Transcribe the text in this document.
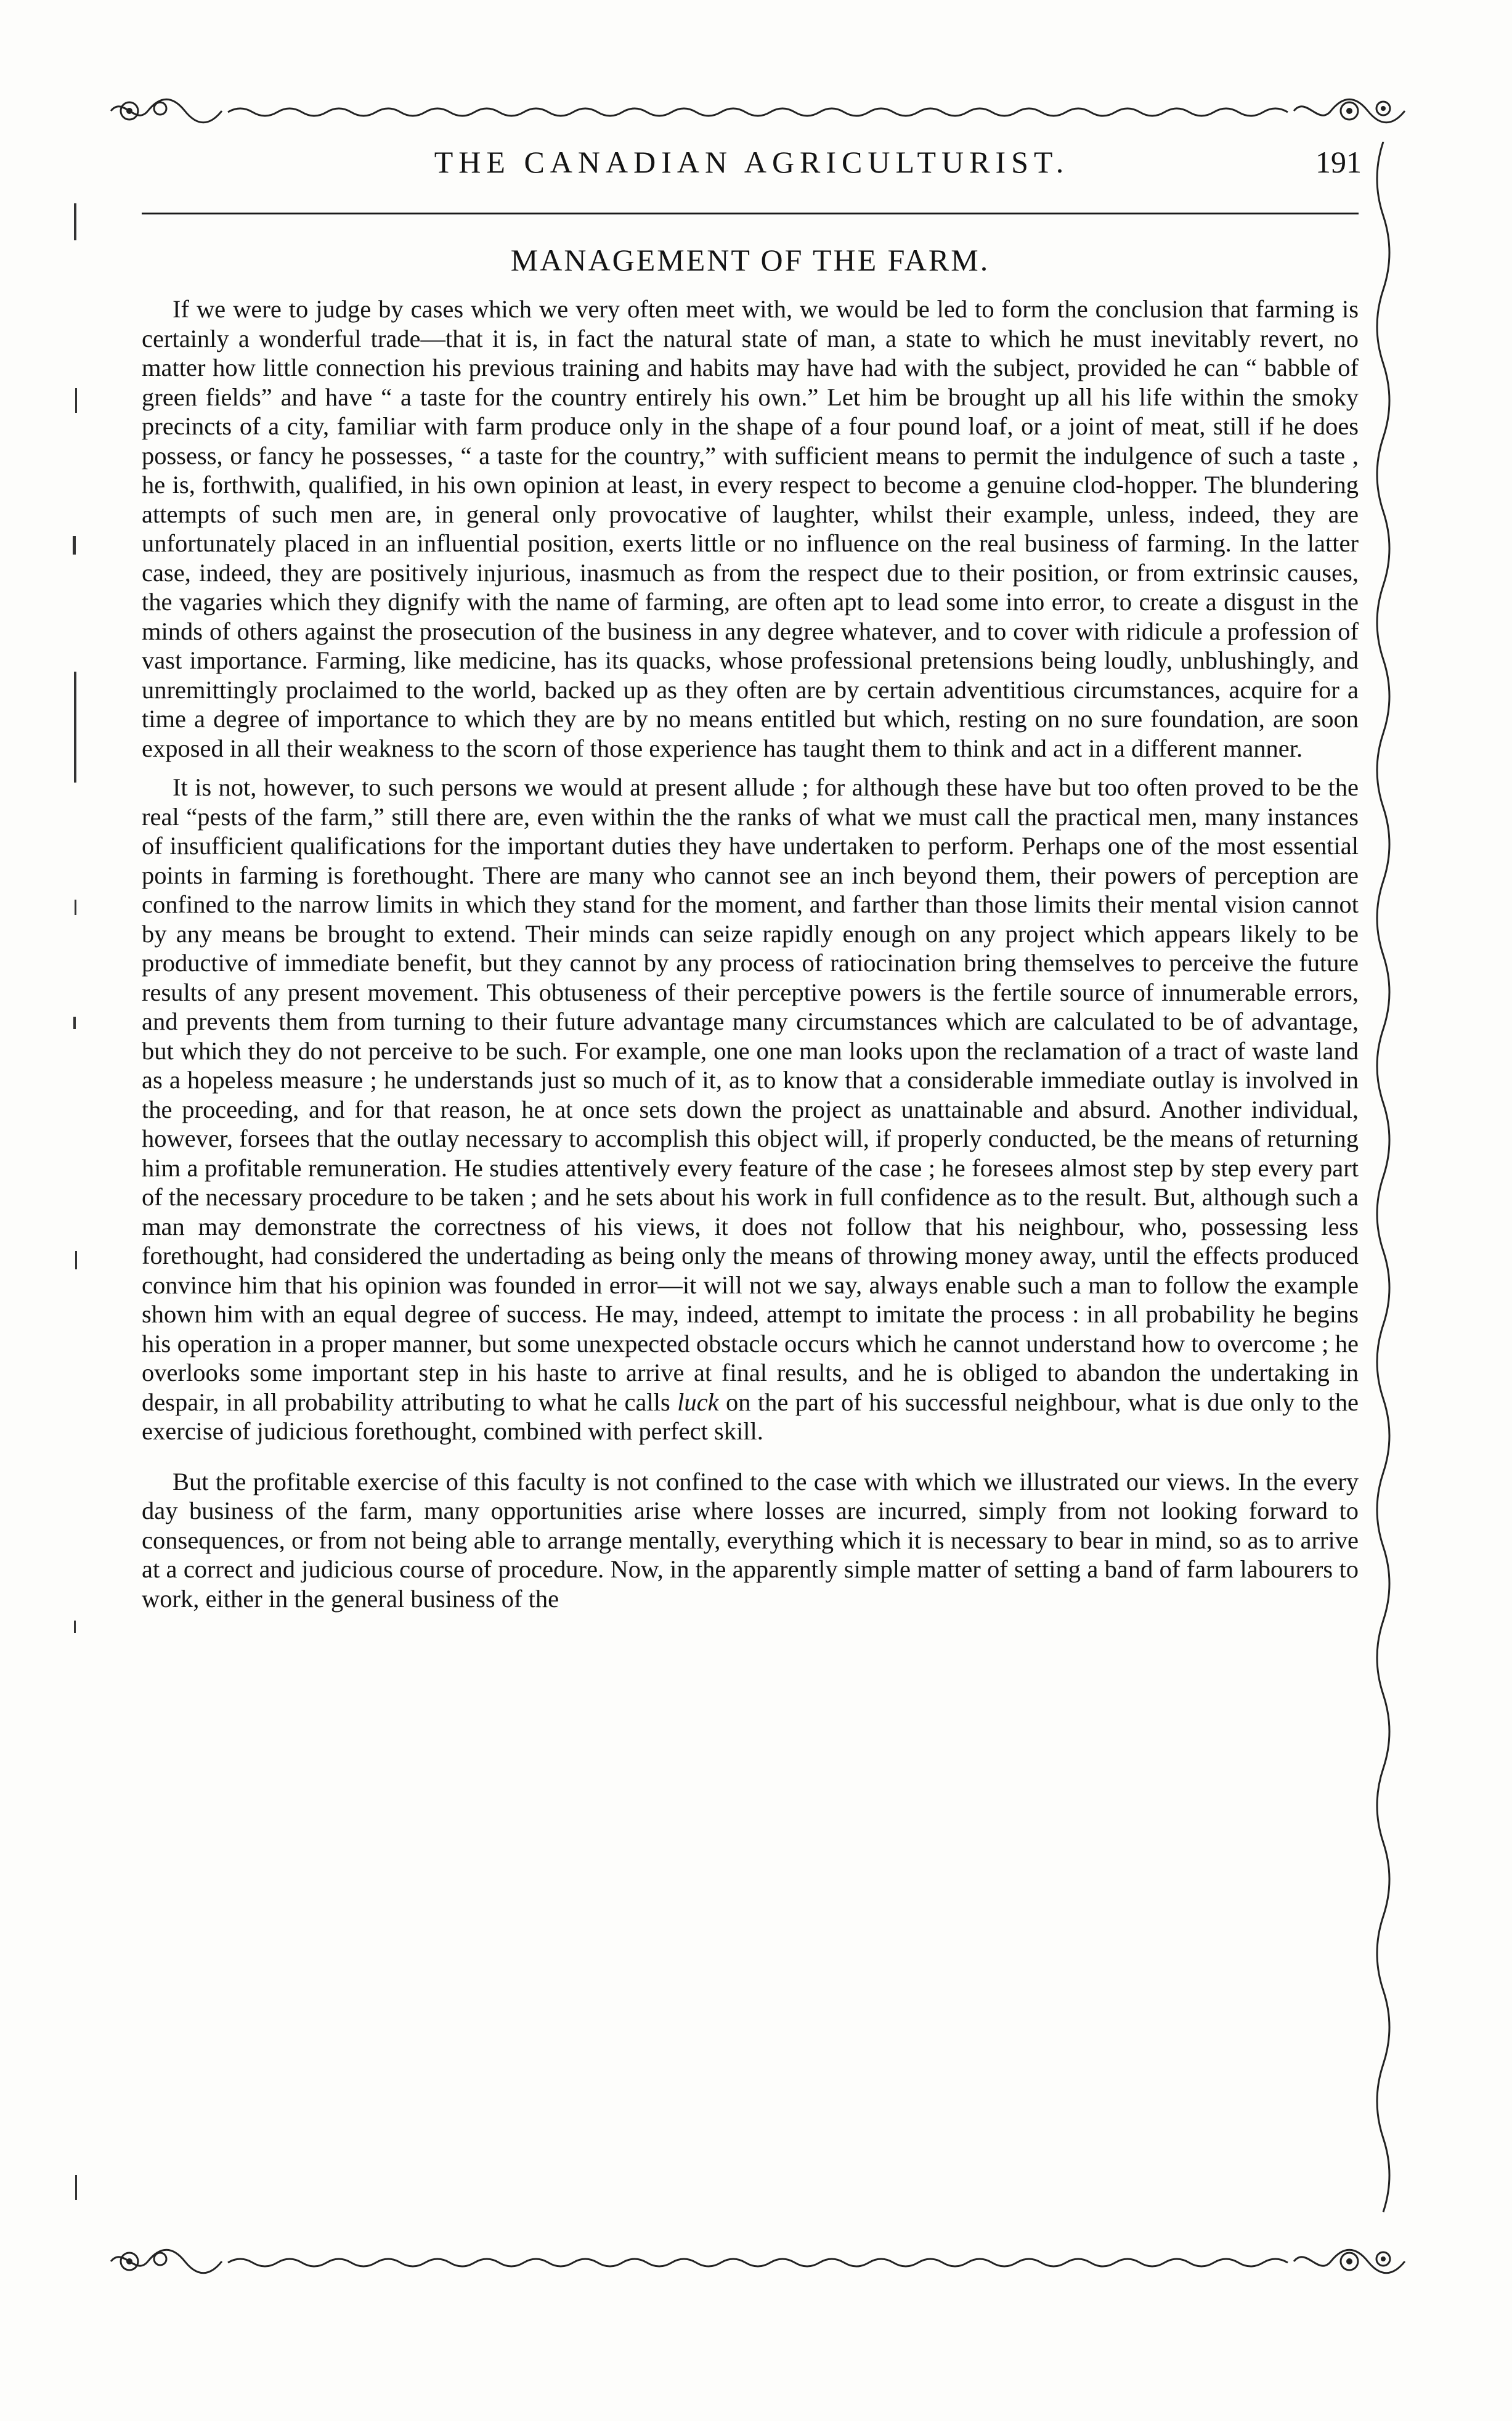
THE CANADIAN AGRICULTURIST.	191
MANAGEMENT OF THE FARM.

If we were to judge by cases which we very often meet with, we would be led to form the conclusion that farming is certainly a wonderful trade—that it is, in fact the natural state of man, a state to which he must inevitably revert, no matter how little connection his previous training and habits may have had with the subject, provided he can “ babble of green fields” and have “ a taste for the country entirely his own.” Let him be brought up all his life within the smoky precincts of a city, familiar with farm produce only in the shape of a four pound loaf, or a joint of meat, still if he does possess, or fancy he possesses, “ a taste for the country,” with sufficient means to permit the indulgence of such a taste , he is, forthwith, qualified, in his own opinion at least, in every respect to become a genuine clod-hopper. The blundering attempts of such men are, in general only provocative of laughter, whilst their example, unless, indeed, they are unfortunately placed in an influential position, exerts little or no influence on the real business of farming. In the latter case, indeed, they are positively injurious, inasmuch as from the respect due to their position, or from extrinsic causes, the vagaries which they dignify with the name of farming, are often apt to lead some into error, to create a disgust in the minds of others against the prosecution of the business in any degree whatever, and to cover with ridicule a profession of vast importance. Farming, like medicine, has its quacks, whose professional pretensions being loudly, unblushingly, and unremittingly proclaimed to the world, backed up as they often are by certain adventitious circumstances, acquire for a time a degree of importance to which they are by no means entitled but which, resting on no sure foundation, are soon exposed in all their weakness to the scorn of those experience has taught them to think and act in a different manner.

It is not, however, to such persons we would at present allude ; for although these have but too often proved to be the real “pests of the farm,” still there are, even within the the ranks of what we must call the practical men, many instances of insufficient qualifications for the important duties they have undertaken to perform. Perhaps one of the most essential points in farming is forethought. There are many who cannot see an inch beyond them, their powers of perception are confined to the narrow limits in which they stand for the moment, and farther than those limits their mental vision cannot by any means be brought to extend. Their minds can seize rapidly enough on any project which appears likely to be productive of immediate benefit, but they cannot by any process of ratiocination bring themselves to perceive the future results of any present movement. This obtuseness of their perceptive powers is the fertile source of innumerable errors, and prevents them from turning to their future advantage many circumstances which are calculated to be of advantage, but which they do not perceive to be such. For example, one one man looks upon the reclamation of a tract of waste land as a hopeless measure ; he understands just so much of it, as to know that a considerable immediate outlay is involved in the proceeding, and for that reason, he at once sets down the project as unattainable and absurd. Another individual, however, forsees that the outlay necessary to accomplish this object will, if properly conducted, be the means of returning him a profitable remuneration. He studies attentively every feature of the case ; he foresees almost step by step every part of the necessary procedure to be taken ; and he sets about his work in full confidence as to the result. But, although such a man may demonstrate the correctness of his views, it does not follow that his neighbour, who, possessing less forethought, had considered the undertading as being only the means of throwing money away, until the effects produced convince him that his opinion was founded in error—it will not we say, always enable such a man to follow the example shown him with an equal degree of success. He may, indeed, attempt to imitate the process : in all probability he begins his operation in a proper manner, but some unexpected obstacle occurs which he cannot understand how to overcome ; he overlooks some important step in his haste to arrive at final results, and he is obliged to abandon the undertaking in despair, in all probability attributing to what he calls luck on the part of his successful neighbour, what is due only to the exercise of judicious forethought, combined with perfect skill.

But the profitable exercise of this faculty is not confined to the case with which we illustrated our views. In the every day business of the farm, many opportunities arise where losses are incurred, simply from not looking forward to consequences, or from not being able to arrange mentally, everything which it is necessary to bear in mind, so as to arrive at a correct and judicious course of procedure. Now, in the apparently simple matter of setting a band of farm labourers to work, either in the general business of the
